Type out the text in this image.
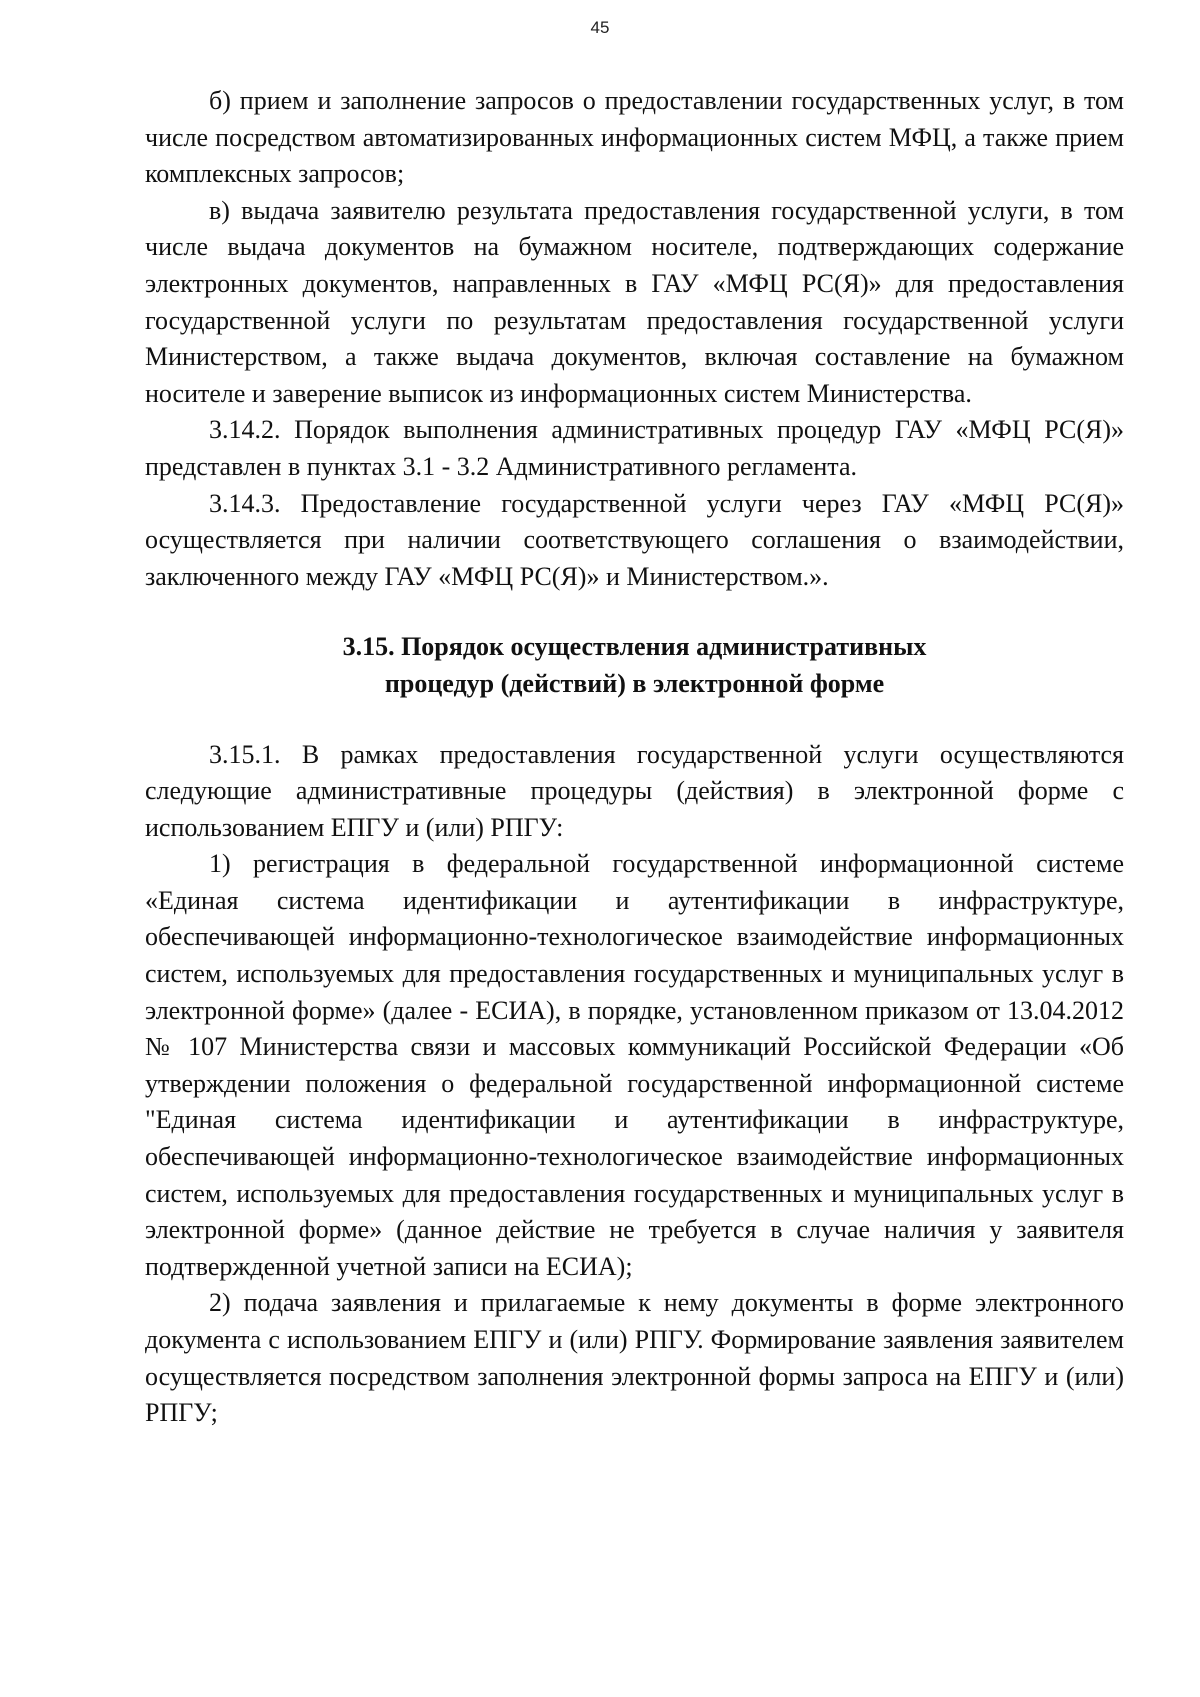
45

б) прием и заполнение запросов о предоставлении государственных услуг, в том числе посредством автоматизированных информационных систем МФЦ, а также прием комплексных запросов;

в) выдача заявителю результата предоставления государственной услуги, в том числе выдача документов на бумажном носителе, подтверждающих содержание электронных документов, направленных в ГАУ «МФЦ РС(Я)» для предоставления государственной услуги по результатам предоставления государственной услуги Министерством, а также выдача документов, включая составление на бумажном носителе и заверение выписок из информационных систем Министерства.

3.14.2. Порядок выполнения административных процедур ГАУ «МФЦ РС(Я)» представлен в пунктах 3.1 - 3.2 Административного регламента.

3.14.3. Предоставление государственной услуги через ГАУ «МФЦ РС(Я)» осуществляется при наличии соответствующего соглашения о взаимодействии, заключенного между ГАУ «МФЦ РС(Я)» и Министерством.».

3.15. Порядок осуществления административных
процедур (действий) в электронной форме

3.15.1. В рамках предоставления государственной услуги осуществляются следующие административные процедуры (действия) в электронной форме с использованием ЕПГУ и (или) РПГУ:

1) регистрация в федеральной государственной информационной системе «Единая система идентификации и аутентификации в инфраструктуре, обеспечивающей информационно-технологическое взаимодействие информационных систем, используемых для предоставления государственных и муниципальных услуг в электронной форме» (далее - ЕСИА), в порядке, установленном приказом от 13.04.2012 № 107 Министерства связи и массовых коммуникаций Российской Федерации «Об утверждении положения о федеральной государственной информационной системе "Единая система идентификации и аутентификации в инфраструктуре, обеспечивающей информационно-технологическое взаимодействие информационных систем, используемых для предоставления государственных и муниципальных услуг в электронной форме» (данное действие не требуется в случае наличия у заявителя подтвержденной учетной записи на ЕСИА);

2) подача заявления и прилагаемые к нему документы в форме электронного документа с использованием ЕПГУ и (или) РПГУ. Формирование заявления заявителем осуществляется посредством заполнения электронной формы запроса на ЕПГУ и (или) РПГУ;
